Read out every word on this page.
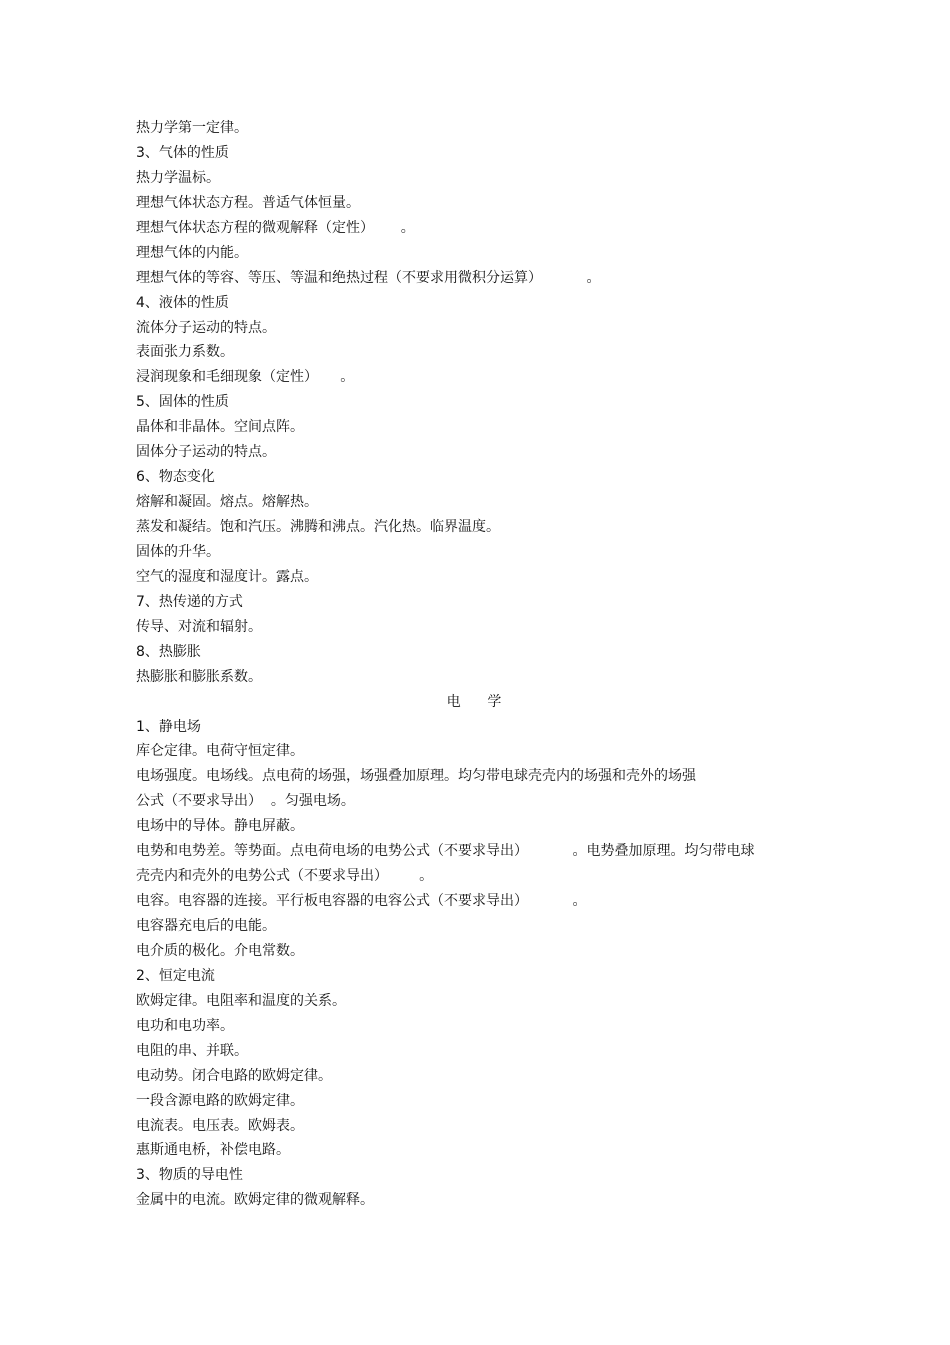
热力学第一定律。
3、气体的性质
热力学温标。
理想气体状态方程。普适气体恒量。
理想气体状态方程的微观解释（定性）      。
理想气体的内能。
理想气体的等容、等压、等温和绝热过程（不要求用微积分运算）          。
4、液体的性质
流体分子运动的特点。
表面张力系数。
浸润现象和毛细现象（定性）     。
5、固体的性质
晶体和非晶体。空间点阵。
固体分子运动的特点。
6、物态变化
熔解和凝固。熔点。熔解热。
蒸发和凝结。饱和汽压。沸腾和沸点。汽化热。临界温度。
固体的升华。
空气的湿度和湿度计。露点。
7、热传递的方式
传导、对流和辐射。
8、热膨胀
热膨胀和膨胀系数。
电      学
1、静电场
库仑定律。电荷守恒定律。
电场强度。电场线。点电荷的场强，场强叠加原理。均匀带电球壳壳内的场强和壳外的场强
公式（不要求导出）  。匀强电场。
电场中的导体。静电屏蔽。
电势和电势差。等势面。点电荷电场的电势公式（不要求导出）          。电势叠加原理。均匀带电球
壳壳内和壳外的电势公式（不要求导出）       。
电容。电容器的连接。平行板电容器的电容公式（不要求导出）          。
电容器充电后的电能。
电介质的极化。介电常数。
2、恒定电流
欧姆定律。电阻率和温度的关系。
电功和电功率。
电阻的串、并联。
电动势。闭合电路的欧姆定律。
一段含源电路的欧姆定律。
电流表。电压表。欧姆表。
惠斯通电桥，补偿电路。
3、物质的导电性
金属中的电流。欧姆定律的微观解释。
